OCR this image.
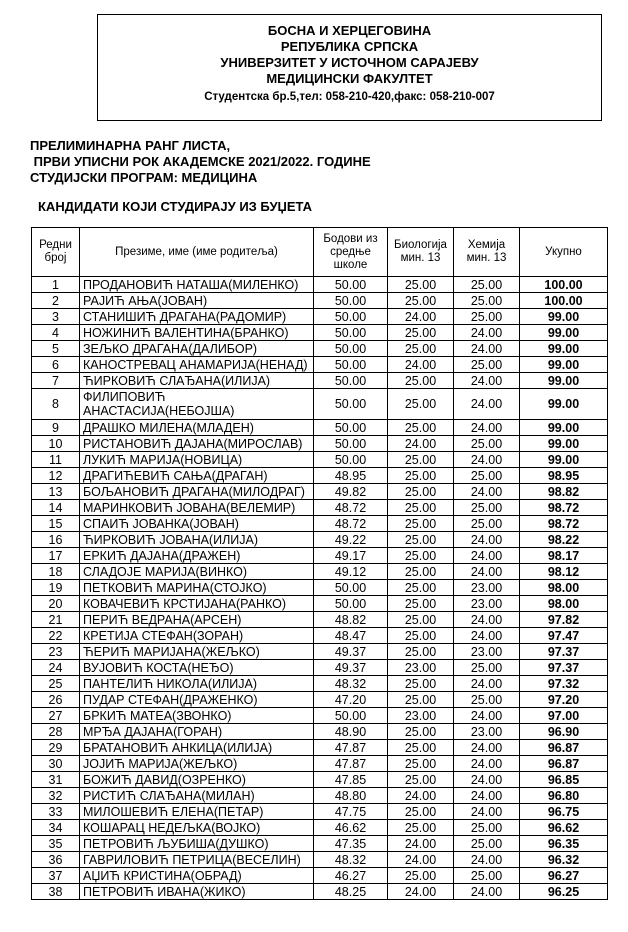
БОСНА И ХЕРЦЕГОВИНА
РЕПУБЛИКА СРПСКА
УНИВЕРЗИТЕТ У ИСТОЧНОМ САРАЈЕВУ
МЕДИЦИНСКИ ФАКУЛТЕТ
Студентска бр.5,тел: 058-210-420,факс: 058-210-007
ПРЕЛИМИНАРНА РАНГ ЛИСТА,
ПРВИ УПИСНИ РОК АКАДЕМСКЕ 2021/2022. ГОДИНЕ
СТУДИЈСКИ ПРОГРАМ: МЕДИЦИНА
КАНДИДАТИ КОЈИ СТУДИРАЈУ ИЗ БУЏЕТА
Редни број	Презиме, име (име родитеља)	Бодови из средње школе	Биологија мин. 13	Хемија мин. 13	Укупно
1	ПРОДАНОВИЋ НАТАША(МИЛЕНКО)	50.00	25.00	25.00	100.00
2	РАЈИЋ АЊА(ЈОВАН)	50.00	25.00	25.00	100.00
3	СТАНИШИЋ ДРАГАНА(РАДОМИР)	50.00	24.00	25.00	99.00
4	НОЖИНИЋ ВАЛЕНТИНА(БРАНКО)	50.00	25.00	24.00	99.00
5	ЗЕЉКО ДРАГАНА(ДАЛИБОР)	50.00	25.00	24.00	99.00
6	КАНОСТРЕВАЦ АНАМАРИЈА(НЕНАД)	50.00	24.00	25.00	99.00
7	ЋИРКОВИЋ СЛАЂАНА(ИЛИЈА)	50.00	25.00	24.00	99.00
8	ФИЛИПОВИЋ АНАСТАСИЈА(НЕБОЈША)	50.00	25.00	24.00	99.00
9	ДРАШКО МИЛЕНА(МЛАДЕН)	50.00	25.00	24.00	99.00
10	РИСТАНОВИЋ ДАЈАНА(МИРОСЛАВ)	50.00	24.00	25.00	99.00
11	ЛУКИЋ МАРИЈА(НОВИЦА)	50.00	25.00	24.00	99.00
12	ДРАГИЋЕВИЋ САЊА(ДРАГАН)	48.95	25.00	25.00	98.95
13	БОЉАНОВИЋ ДРАГАНА(МИЛОДРАГ)	49.82	25.00	24.00	98.82
14	МАРИНКОВИЋ ЈОВАНА(ВЕЛЕМИР)	48.72	25.00	25.00	98.72
15	СПАИЋ ЈОВАНКА(ЈОВАН)	48.72	25.00	25.00	98.72
16	ЋИРКОВИЋ ЈОВАНА(ИЛИЈА)	49.22	25.00	24.00	98.22
17	ЕРКИЋ ДАЈАНА(ДРАЖЕН)	49.17	25.00	24.00	98.17
18	СЛАДОЈЕ МАРИЈА(ВИНКО)	49.12	25.00	24.00	98.12
19	ПЕТКОВИЋ МАРИНА(СТОЈКО)	50.00	25.00	23.00	98.00
20	КОВАЧЕВИЋ КРСТИЈАНА(РАНКО)	50.00	25.00	23.00	98.00
21	ПЕРИЋ ВЕДРАНА(АРСЕН)	48.82	25.00	24.00	97.82
22	КРЕТИЈА СТЕФАН(ЗОРАН)	48.47	25.00	24.00	97.47
23	ЋЕРИЋ МАРИЈАНА(ЖЕЉКО)	49.37	25.00	23.00	97.37
24	ВУЈОВИЋ КОСТА(НЕЂО)	49.37	23.00	25.00	97.37
25	ПАНТЕЛИЋ НИКОЛА(ИЛИЈА)	48.32	25.00	24.00	97.32
26	ПУДАР СТЕФАН(ДРАЖЕНКО)	47.20	25.00	25.00	97.20
27	БРКИЋ МАТЕА(ЗВОНКО)	50.00	23.00	24.00	97.00
28	МРЂА ДАЈАНА(ГОРАН)	48.90	25.00	23.00	96.90
29	БРАТАНОВИЋ АНКИЦА(ИЛИЈА)	47.87	25.00	24.00	96.87
30	ЈОЈИЋ МАРИЈА(ЖЕЉКО)	47.87	25.00	24.00	96.87
31	БОЖИЋ ДАВИД(ОЗРЕНКО)	47.85	25.00	24.00	96.85
32	РИСТИЋ СЛАЂАНА(МИЛАН)	48.80	24.00	24.00	96.80
33	МИЛОШЕВИЋ ЕЛЕНА(ПЕТАР)	47.75	25.00	24.00	96.75
34	КОШАРАЦ НЕДЕЉКА(ВОЈКО)	46.62	25.00	25.00	96.62
35	ПЕТРОВИЋ ЉУБИША(ДУШКО)	47.35	24.00	25.00	96.35
36	ГАВРИЛОВИЋ ПЕТРИЦА(ВЕСЕЛИН)	48.32	24.00	24.00	96.32
37	АЏИЋ КРИСТИНА(ОБРАД)	46.27	25.00	25.00	96.27
38	ПЕТРОВИЋ ИВАНА(ЖИКО)	48.25	24.00	24.00	96.25
